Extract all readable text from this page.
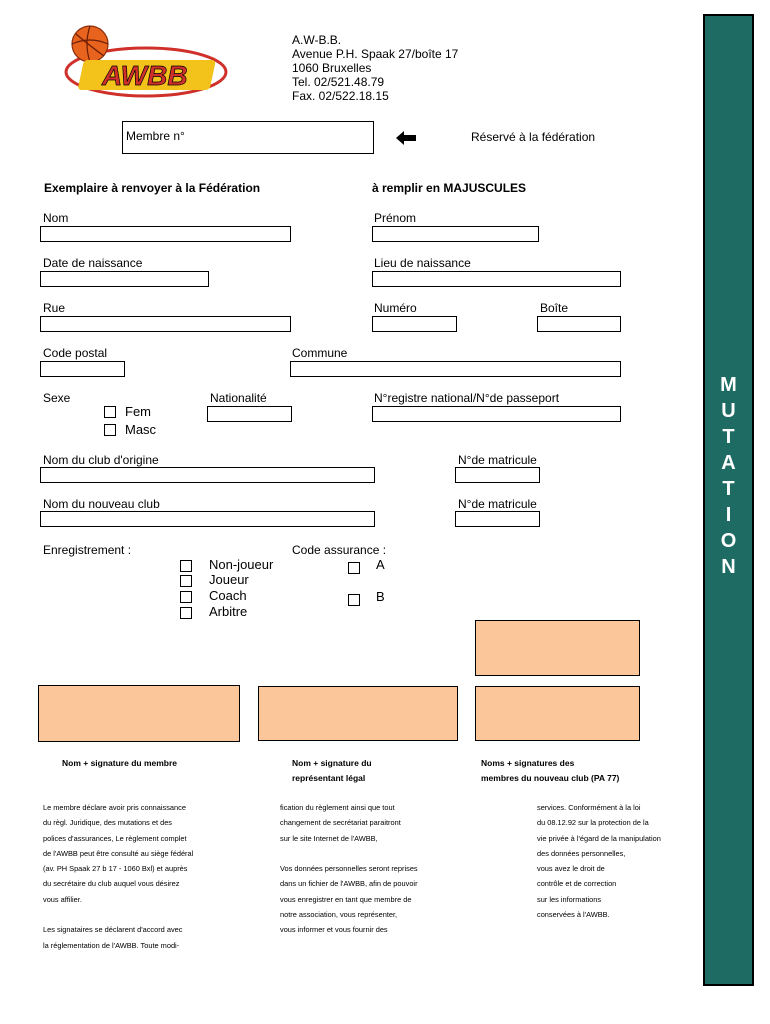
AWBB
A.W-B.B.
Avenue P.H. Spaak 27/boîte 17
1060 Bruxelles
Tel. 02/521.48.79
Fax. 02/522.18.15
Membre n°	Réservé à la fédération
Exemplaire à renvoyer à la Fédération	à remplir en MAJUSCULES
Nom	Prénom
Date de naissance	Lieu de naissance
Rue	Numéro	Boîte
Code postal	Commune
Sexe
Fem
Masc
Nationalité	N°registre national/N°de passeport
Nom du club d'origine	N°de matricule
Nom du nouveau club	N°de matricule
Enregistrement :
Non-joueur
Joueur
Coach
Arbitre
Code assurance :
A
B
Nom + signature du membre	Nom + signature du
représentant légal
Noms + signatures des
membres du nouveau club (PA 77)
Le membre déclare avoir pris connaissance
du règl. Juridique, des mutations et des
polices d'assurances, Le règlement complet
de l'AWBB peut être consulté au siège fédéral
(av. PH Spaak 27 b 17 - 1060 Bxl) et auprès
du secrétaire du club auquel vous désirez
vous affilier.
Les signataires se déclarent d'accord avec
la réglementation de l'AWBB. Toute modi-
fication du règlement ainsi que tout
changement de secrétariat paraitront
sur le site Internet de l'AWBB,
Vos données personnelles seront reprises
dans un fichier de l'AWBB, afin de pouvoir
vous enregistrer en tant que membre de
notre association, vous représenter,
vous informer et vous fournir des
services. Conformément à la loi
du 08.12.92 sur la protection de la
vie privée à l'égard de la manipulation
des données personnelles,
vous avez le droit de
contrôle et de correction
sur les informations
conservées à l'AWBB.
M
U
T
A
T
I
O
N
